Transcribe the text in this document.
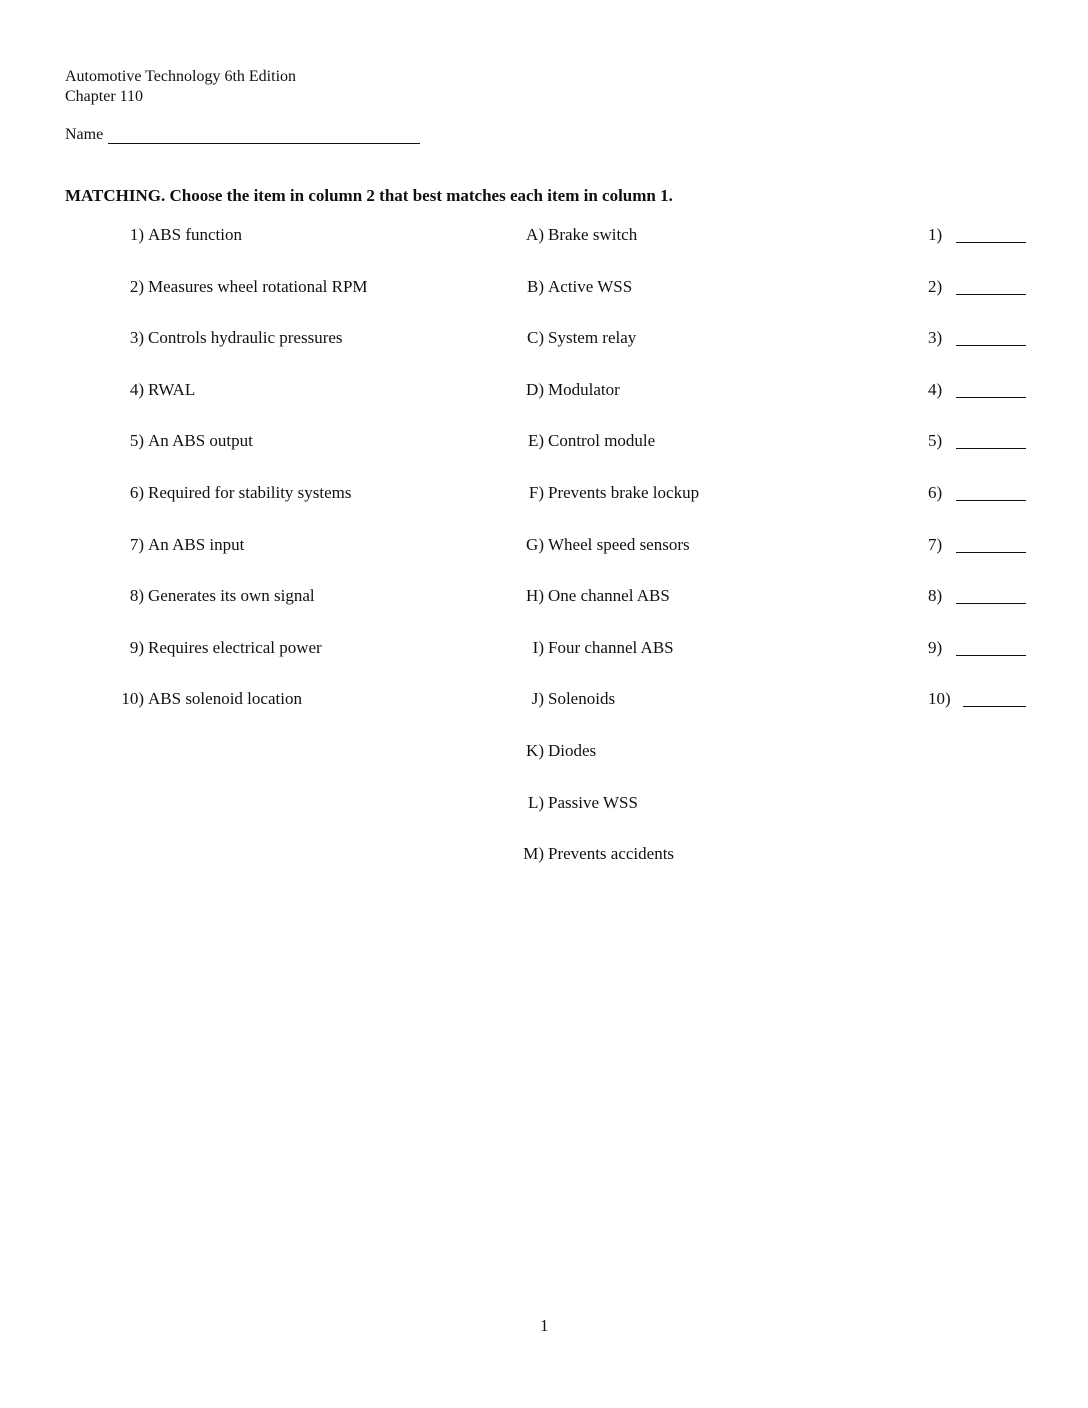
Automotive Technology 6th Edition
Chapter 110
Name
MATCHING. Choose the item in column 2 that best matches each item in column 1.
1) ABS function
2) Measures wheel rotational RPM
3) Controls hydraulic pressures
4) RWAL
5) An ABS output
6) Required for stability systems
7) An ABS input
8) Generates its own signal
9) Requires electrical power
10) ABS solenoid location
A) Brake switch
B) Active WSS
C) System relay
D) Modulator
E) Control module
F) Prevents brake lockup
G) Wheel speed sensors
H) One channel ABS
I) Four channel ABS
J) Solenoids
K) Diodes
L) Passive WSS
M) Prevents accidents
1)
2)
3)
4)
5)
6)
7)
8)
9)
10)
1
